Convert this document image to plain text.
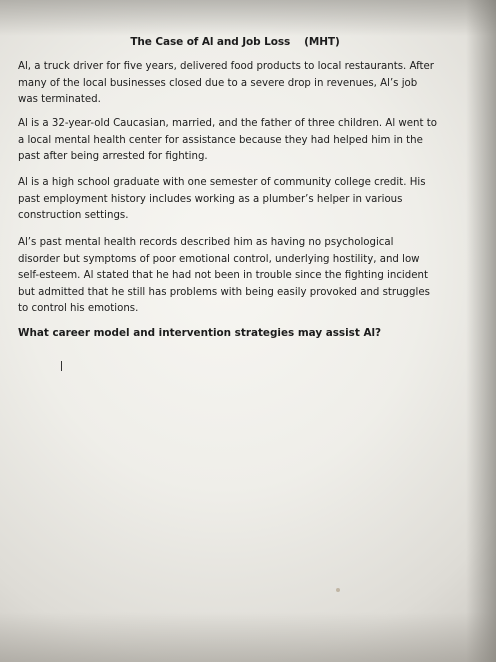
The Case of Al and Job Loss (MHT)

Al, a truck driver for five years, delivered food products to local restaurants. After many of the local businesses closed due to a severe drop in revenues, Al’s job was terminated.

Al is a 32-year-old Caucasian, married, and the father of three children. Al went to a local mental health center for assistance because they had helped him in the past after being arrested for fighting.

Al is a high school graduate with one semester of community college credit. His past employment history includes working as a plumber’s helper in various construction settings.

Al’s past mental health records described him as having no psychological disorder but symptoms of poor emotional control, underlying hostility, and low self-esteem. Al stated that he had not been in trouble since the fighting incident but admitted that he still has problems with being easily provoked and struggles to control his emotions.

What career model and intervention strategies may assist Al?
